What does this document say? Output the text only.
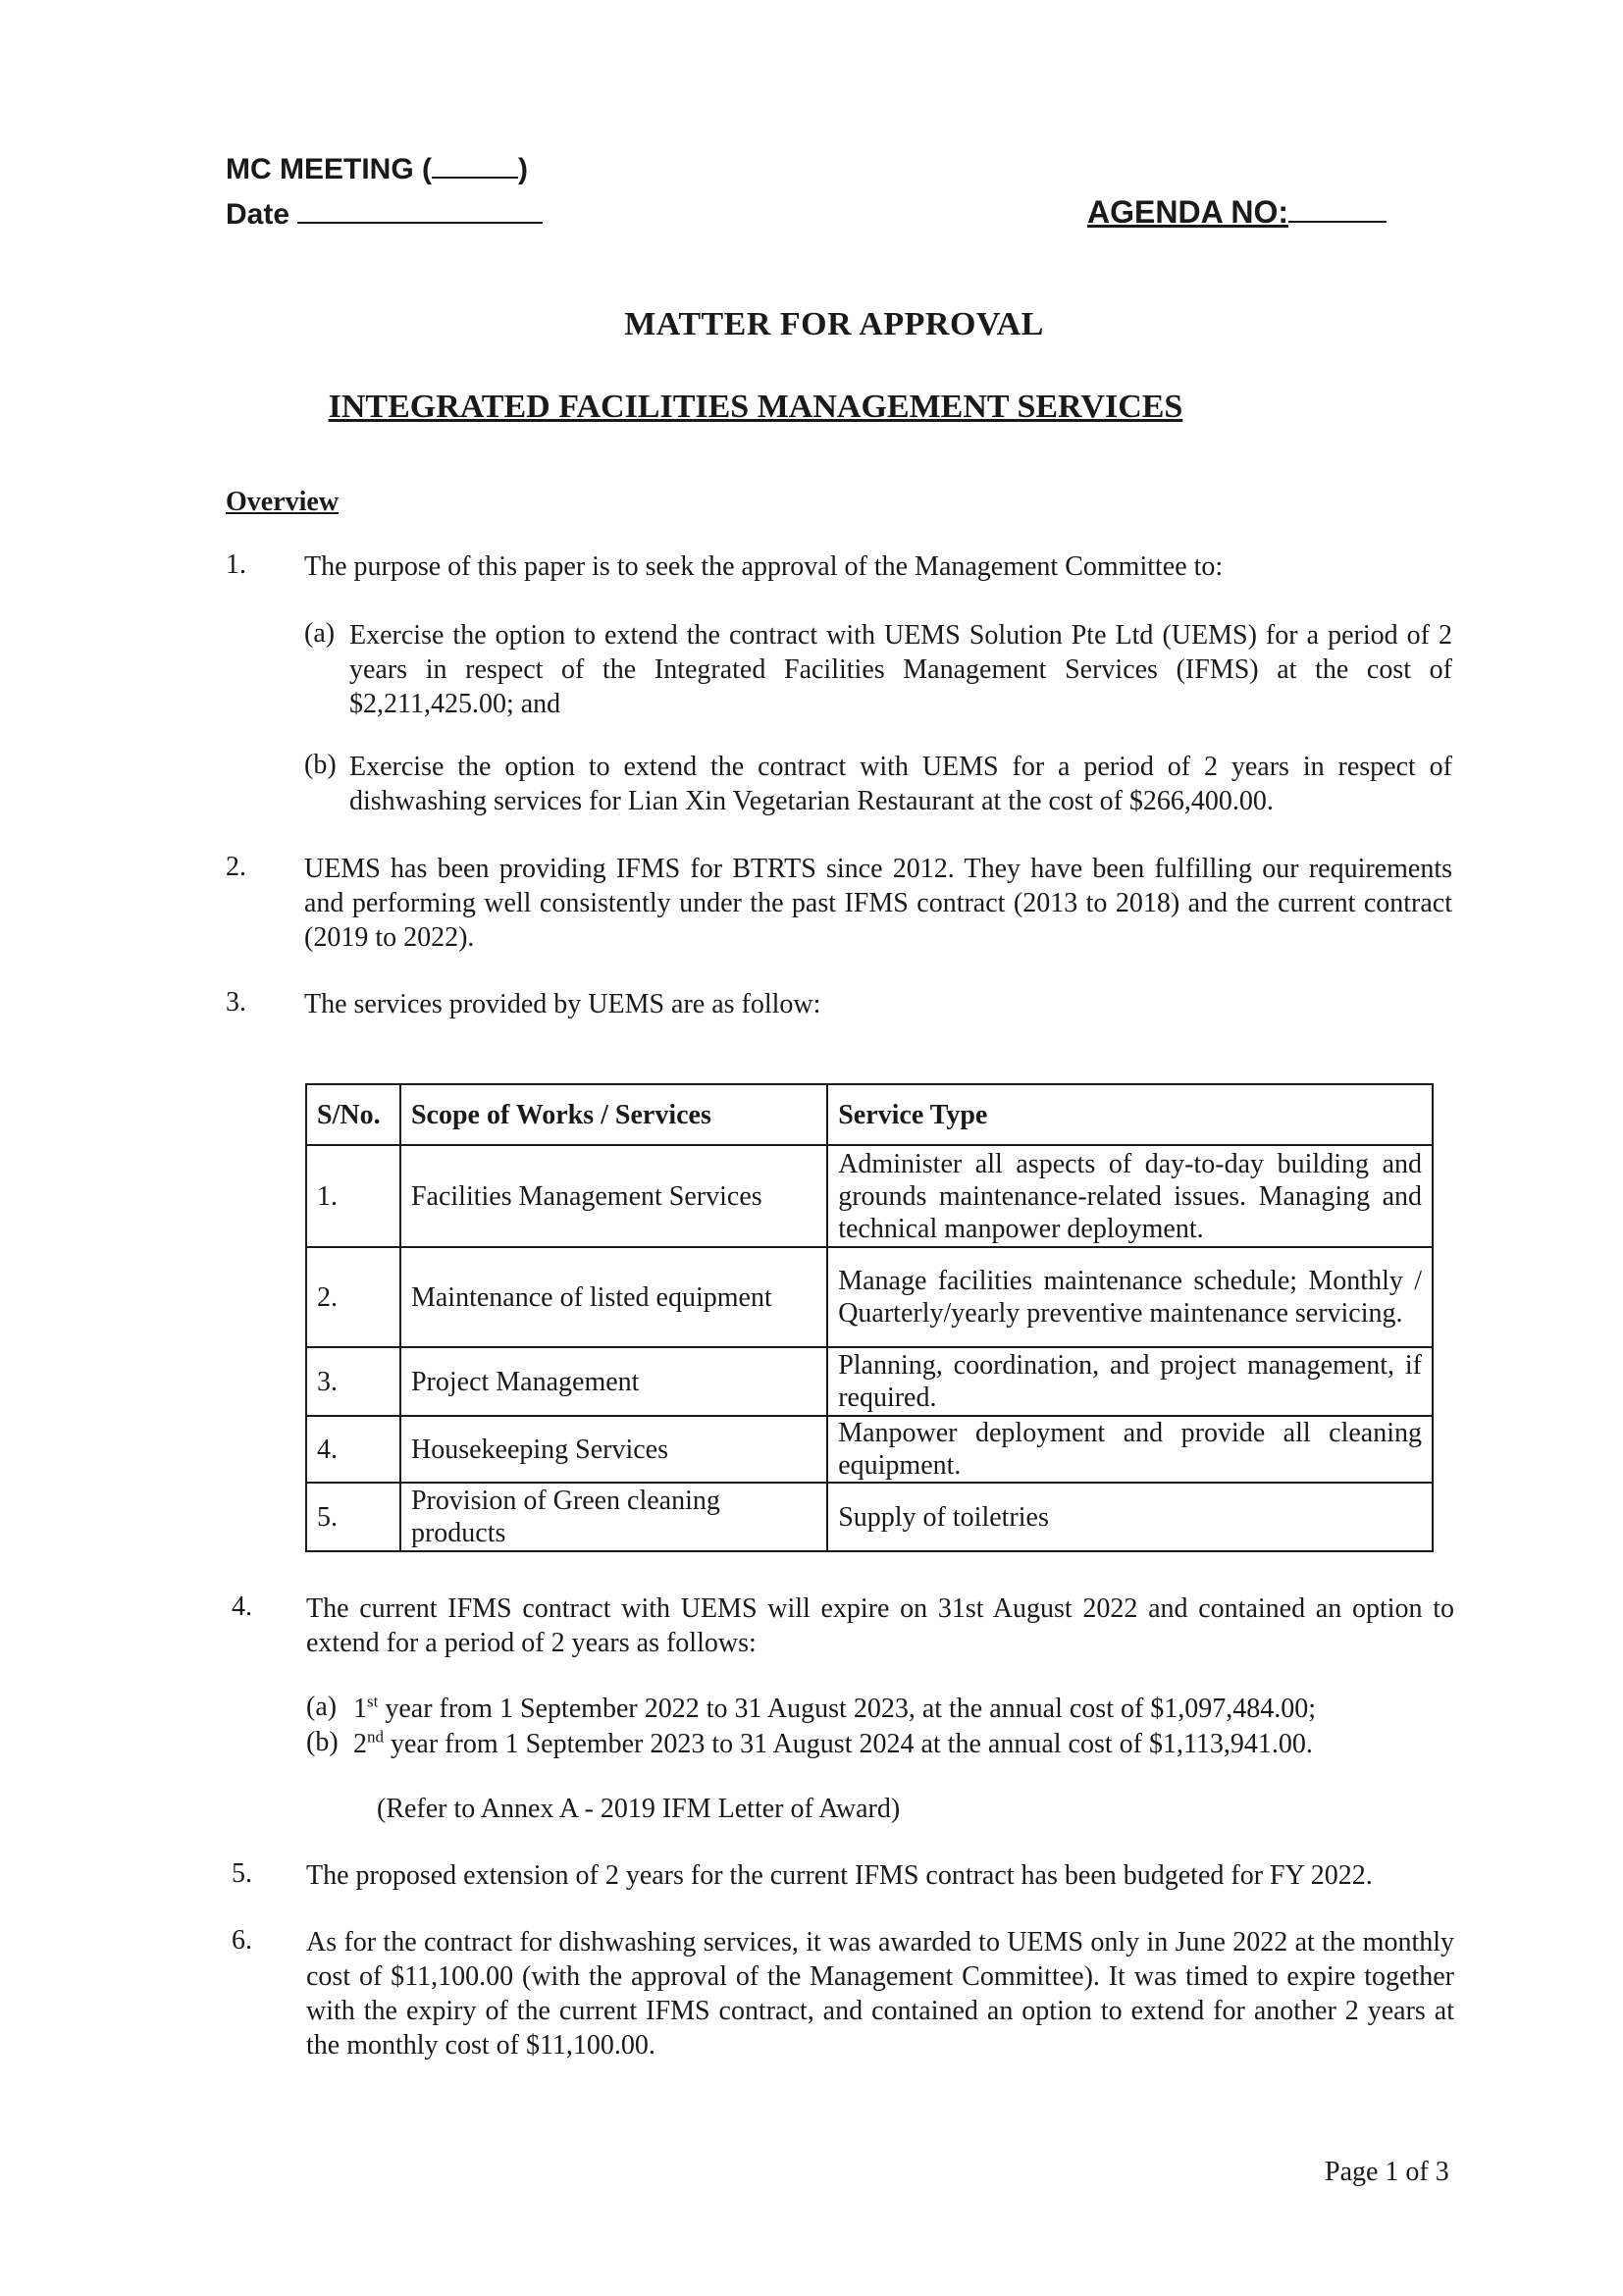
MC MEETING (	)
Date	AGENDA NO:
MATTER FOR APPROVAL
INTEGRATED FACILITIES MANAGEMENT SERVICES
Overview
1. The purpose of this paper is to seek the approval of the Management Committee to:
(a) Exercise the option to extend the contract with UEMS Solution Pte Ltd (UEMS) for a period of 2 years in respect of the Integrated Facilities Management Services (IFMS) at the cost of $2,211,425.00; and
(b) Exercise the option to extend the contract with UEMS for a period of 2 years in respect of dishwashing services for Lian Xin Vegetarian Restaurant at the cost of $266,400.00.
2. UEMS has been providing IFMS for BTRTS since 2012. They have been fulfilling our requirements and performing well consistently under the past IFMS contract (2013 to 2018) and the current contract (2019 to 2022).
3. The services provided by UEMS are as follow:
S/No.	Scope of Works / Services	Service Type
1.	Facilities Management Services	Administer all aspects of day-to-day building and grounds maintenance-related issues. Managing and technical manpower deployment.
2.	Maintenance of listed equipment	Manage facilities maintenance schedule; Monthly / Quarterly/yearly preventive maintenance servicing.
3.	Project Management	Planning, coordination, and project management, if required.
4.	Housekeeping Services	Manpower deployment and provide all cleaning equipment.
5.	Provision of Green cleaning products	Supply of toiletries
4. The current IFMS contract with UEMS will expire on 31st August 2022 and contained an option to extend for a period of 2 years as follows:
(a) 1st year from 1 September 2022 to 31 August 2023, at the annual cost of $1,097,484.00;
(b) 2nd year from 1 September 2023 to 31 August 2024 at the annual cost of $1,113,941.00.
(Refer to Annex A - 2019 IFM Letter of Award)
5. The proposed extension of 2 years for the current IFMS contract has been budgeted for FY 2022.
6. As for the contract for dishwashing services, it was awarded to UEMS only in June 2022 at the monthly cost of $11,100.00 (with the approval of the Management Committee). It was timed to expire together with the expiry of the current IFMS contract, and contained an option to extend for another 2 years at the monthly cost of $11,100.00.
Page 1 of 3
